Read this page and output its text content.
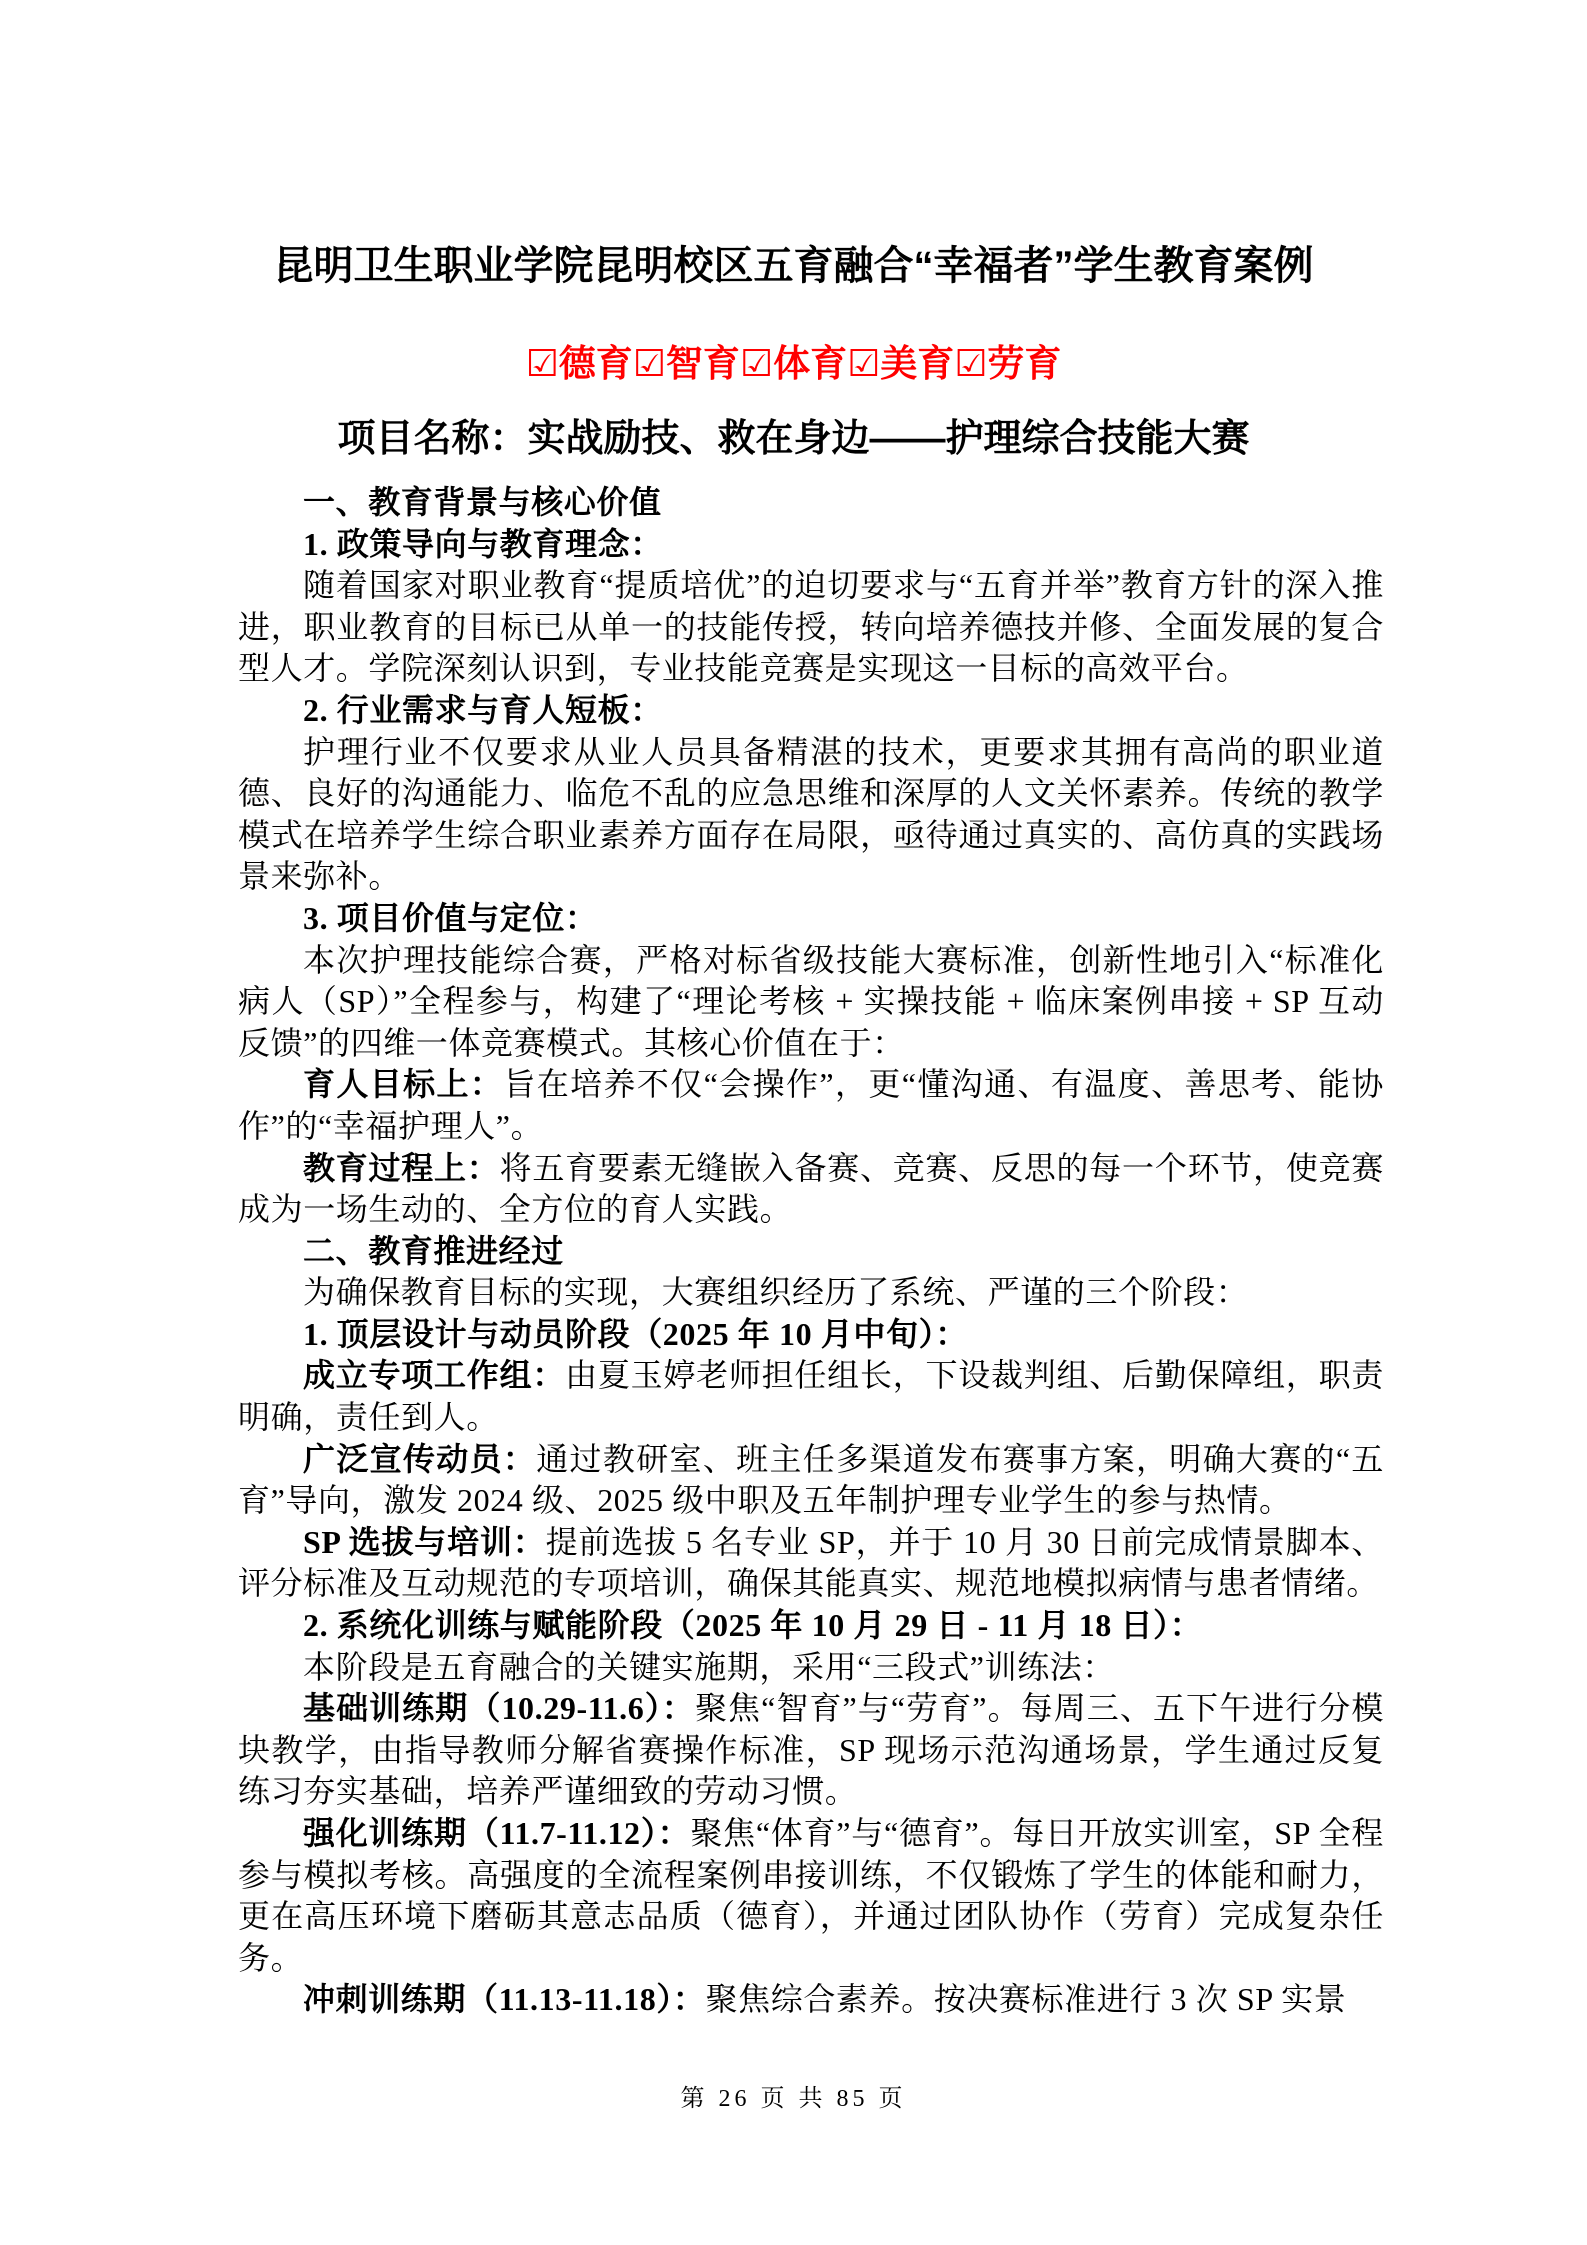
昆明卫生职业学院昆明校区五育融合“幸福者”学生教育案例
☑德育☑智育☑体育☑美育☑劳育
项目名称：实战励技、救在身边——护理综合技能大赛

一、教育背景与核心价值

1. 政策导向与教育理念：

随着国家对职业教育“提质培优”的迫切要求与“五育并举”教育方针的深入推进，职业教育的目标已从单一的技能传授，转向培养德技并修、全面发展的复合型人才。学院深刻认识到，专业技能竞赛是实现这一目标的高效平台。

2. 行业需求与育人短板：

护理行业不仅要求从业人员具备精湛的技术，更要求其拥有高尚的职业道德、良好的沟通能力、临危不乱的应急思维和深厚的人文关怀素养。传统的教学模式在培养学生综合职业素养方面存在局限，亟待通过真实的、高仿真的实践场景来弥补。

3. 项目价值与定位：

本次护理技能综合赛，严格对标省级技能大赛标准，创新性地引入“标准化病人（SP）”全程参与，构建了“理论考核 + 实操技能 + 临床案例串接 + SP 互动反馈”的四维一体竞赛模式。其核心价值在于：

育人目标上：旨在培养不仅“会操作”，更“懂沟通、有温度、善思考、能协作”的“幸福护理人”。

教育过程上：将五育要素无缝嵌入备赛、竞赛、反思的每一个环节，使竞赛成为一场生动的、全方位的育人实践。

二、教育推进经过

为确保教育目标的实现，大赛组织经历了系统、严谨的三个阶段：

1. 顶层设计与动员阶段（2025 年 10 月中旬）：

成立专项工作组：由夏玉婷老师担任组长，下设裁判组、后勤保障组，职责明确，责任到人。

广泛宣传动员：通过教研室、班主任多渠道发布赛事方案，明确大赛的“五育”导向，激发 2024 级、2025 级中职及五年制护理专业学生的参与热情。

SP 选拔与培训：提前选拔 5 名专业 SP，并于 10 月 30 日前完成情景脚本、评分标准及互动规范的专项培训，确保其能真实、规范地模拟病情与患者情绪。

2. 系统化训练与赋能阶段（2025 年 10 月 29 日 - 11 月 18 日）：

本阶段是五育融合的关键实施期，采用“三段式”训练法：

基础训练期（10.29-11.6）：聚焦“智育”与“劳育”。每周三、五下午进行分模块教学，由指导教师分解省赛操作标准，SP 现场示范沟通场景，学生通过反复练习夯实基础，培养严谨细致的劳动习惯。

强化训练期（11.7-11.12）：聚焦“体育”与“德育”。每日开放实训室，SP 全程参与模拟考核。高强度的全流程案例串接训练，不仅锻炼了学生的体能和耐力，更在高压环境下磨砺其意志品质（德育），并通过团队协作（劳育）完成复杂任务。

冲刺训练期（11.13-11.18）：聚焦综合素养。按决赛标准进行 3 次 SP 实景

第 26 页 共 85 页
